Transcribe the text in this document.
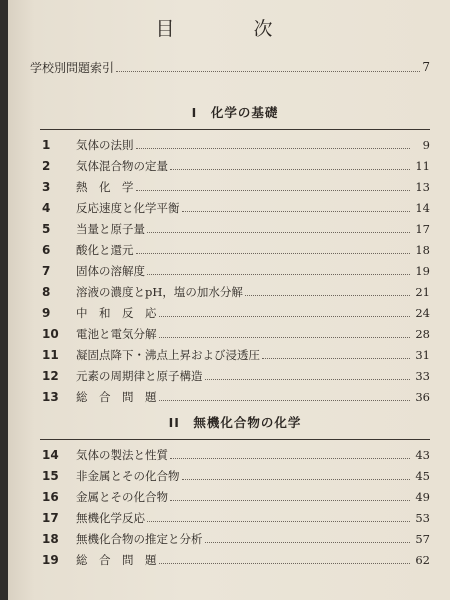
目　次
学校別問題索引	7
I　化学の基礎
1	気体の法則	9
2	気体混合物の定量	11
3	熱　化　学	13
4	反応速度と化学平衡	14
5	当量と原子量	17
6	酸化と還元	18
7	固体の溶解度	19
8	溶液の濃度とpH，塩の加水分解	21
9	中　和　反　応	24
10	電池と電気分解	28
11	凝固点降下・沸点上昇および浸透圧	31
12	元素の周期律と原子構造	33
13	総　合　問　題	36
II　無機化合物の化学
14	気体の製法と性質	43
15	非金属とその化合物	45
16	金属とその化合物	49
17	無機化学反応	53
18	無機化合物の推定と分析	57
19	総　合　問　題	62
